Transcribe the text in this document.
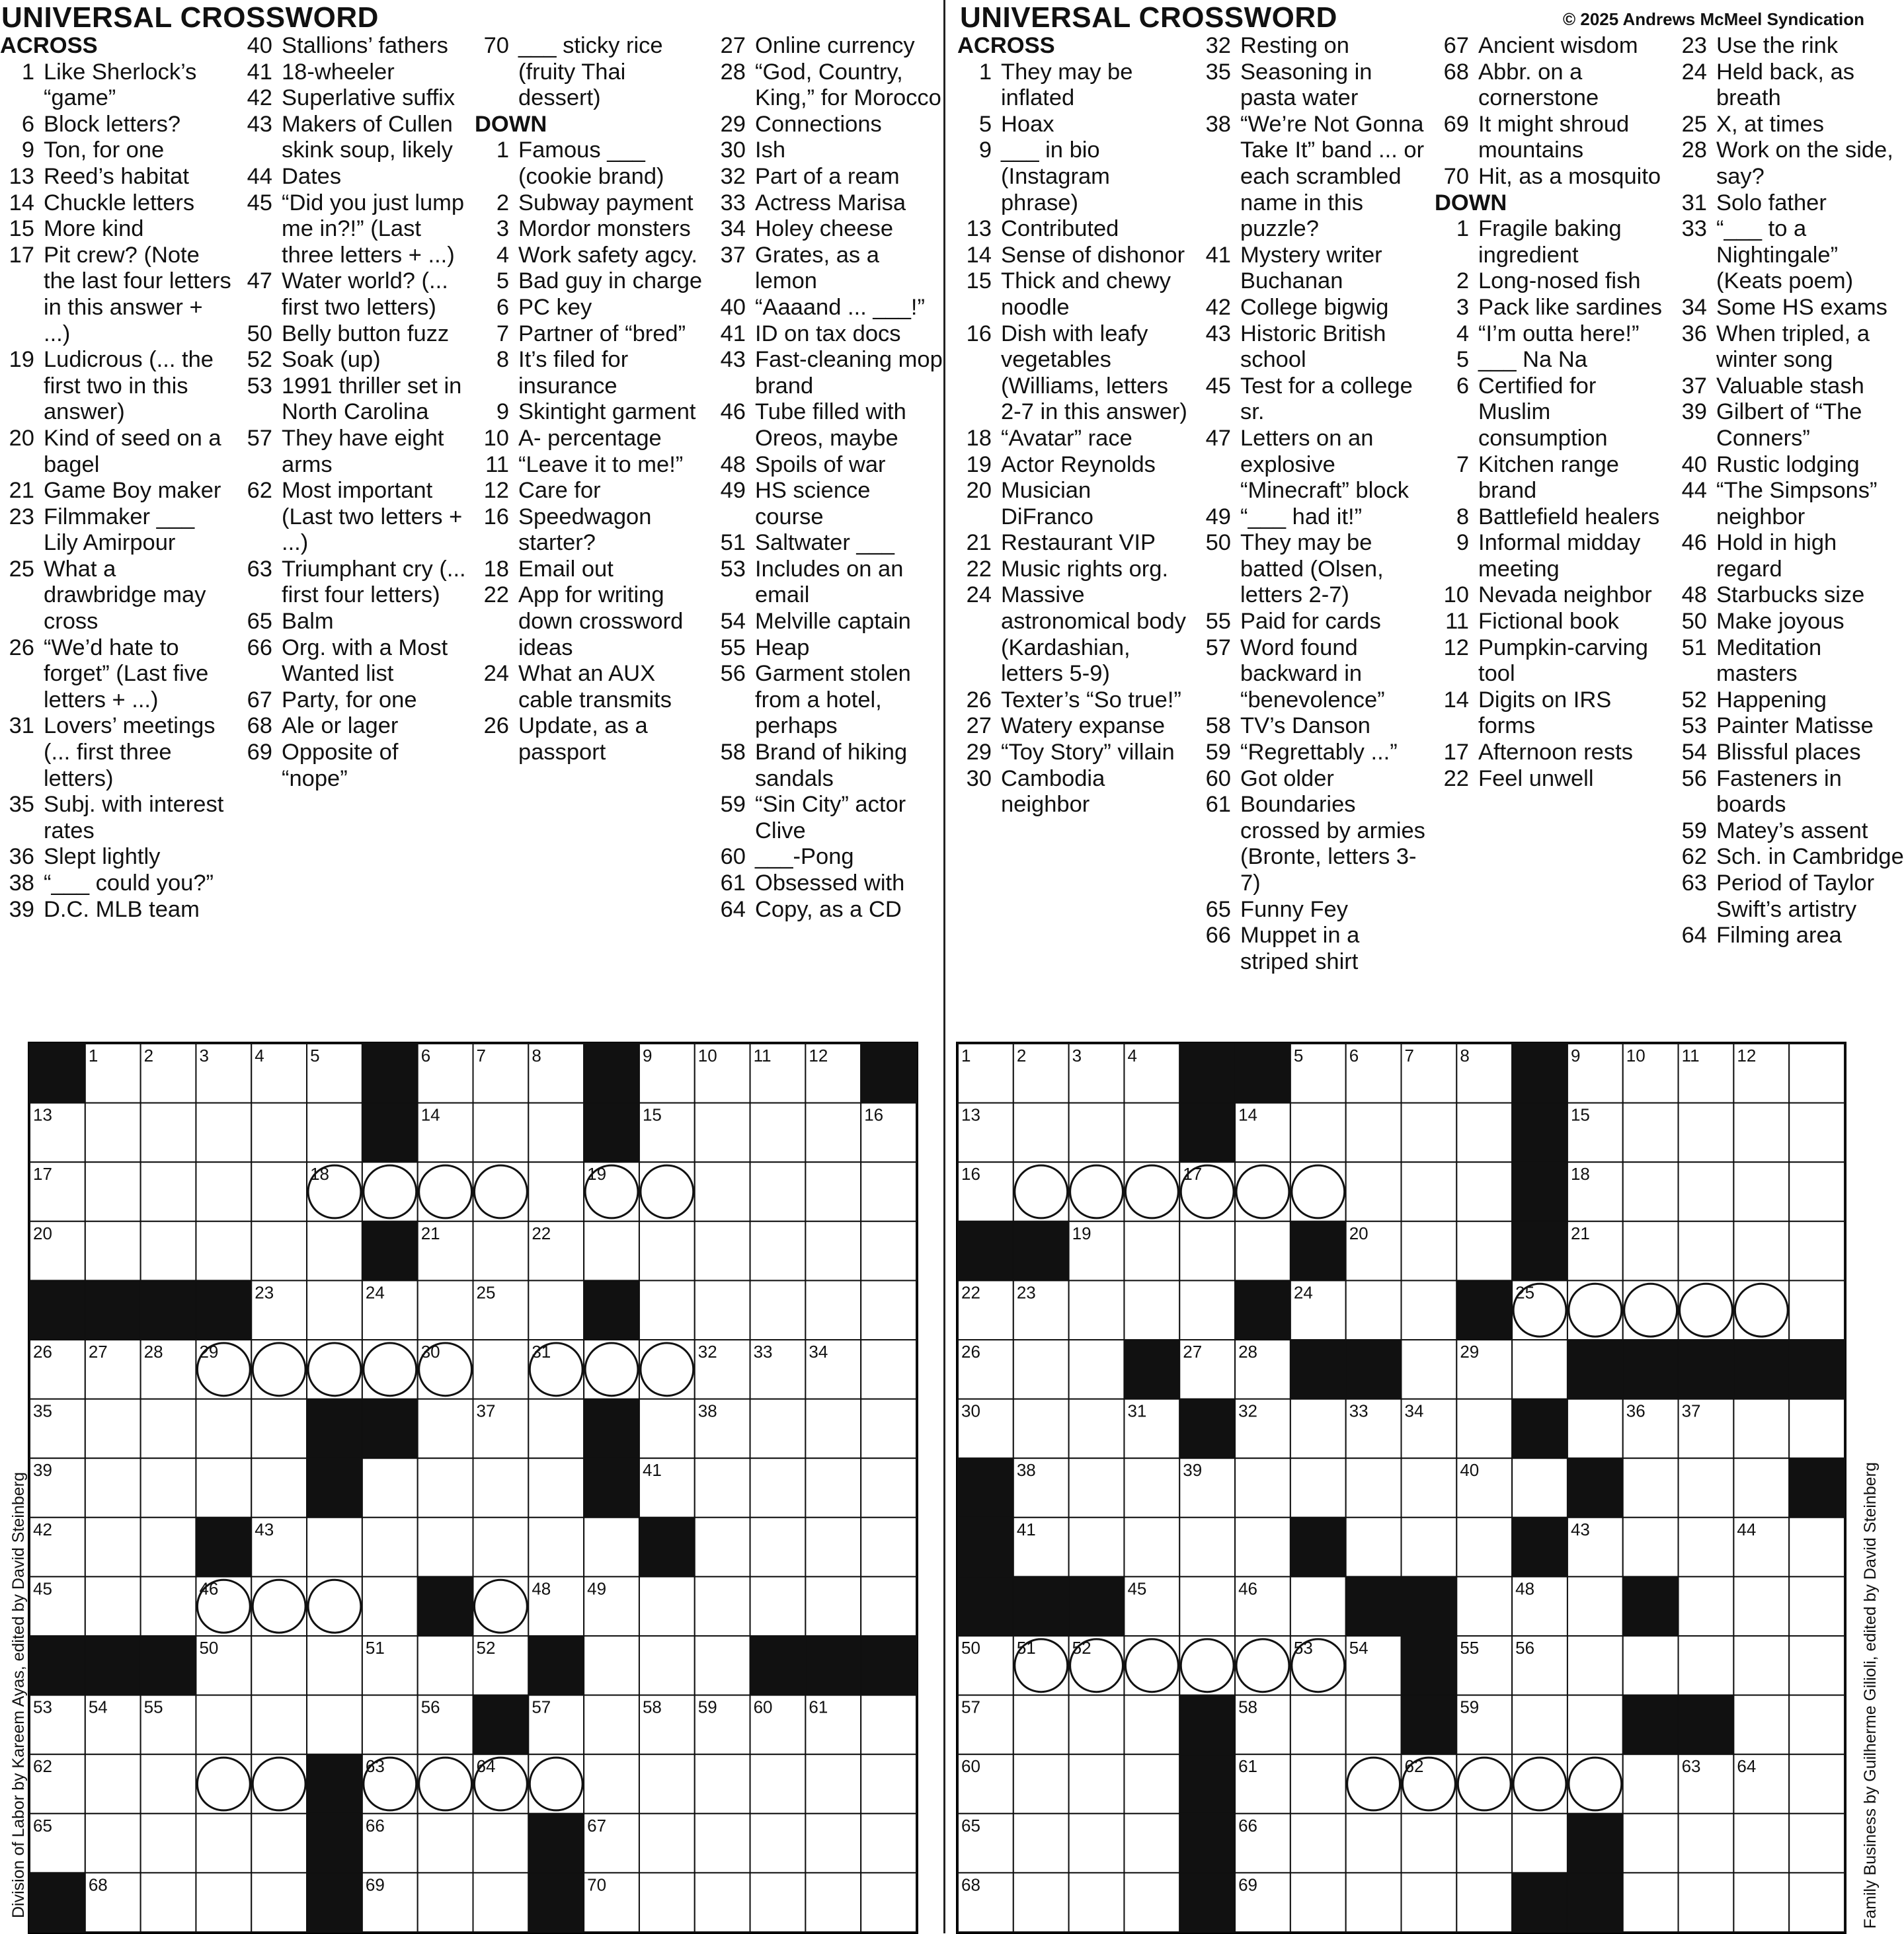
UNIVERSAL CROSSWORD
ACROSS
1 Like Sherlock’s “game”
6 Block letters?
9 Ton, for one
13 Reed’s habitat
14 Chuckle letters
15 More kind
17 Pit crew? (Note the last four letters in this answer + ...)
19 Ludicrous (... the first two in this answer)
20 Kind of seed on a bagel
21 Game Boy maker
23 Filmmaker ___ Lily Amirpour
25 What a drawbridge may cross
26 “We’d hate to forget” (Last five letters + ...)
31 Lovers’ meetings (... first three letters)
35 Subj. with interest rates
36 Slept lightly
38 “___ could you?”
39 D.C. MLB team
40 Stallions’ fathers
41 18-wheeler
42 Superlative suffix
43 Makers of Cullen skink soup, likely
44 Dates
45 “Did you just lump me in?!” (Last three letters + ...)
47 Water world? (... first two letters)
50 Belly button fuzz
52 Soak (up)
53 1991 thriller set in North Carolina
57 They have eight arms
62 Most important (Last two letters + ...)
63 Triumphant cry (... first four letters)
65 Balm
66 Org. with a Most Wanted list
67 Party, for one
68 Ale or lager
69 Opposite of “nope”
70 ___ sticky rice (fruity Thai dessert)
DOWN
1 Famous ___ (cookie brand)
2 Subway payment
3 Mordor monsters
4 Work safety agcy.
5 Bad guy in charge
6 PC key
7 Partner of “bred”
8 It’s filed for insurance
9 Skintight garment
10 A- percentage
11 “Leave it to me!”
12 Care for
16 Speedwagon starter?
18 Email out
22 App for writing down crossword ideas
24 What an AUX cable transmits
26 Update, as a passport
27 Online currency
28 “God, Country, King,” for Morocco
29 Connections
30 Ish
32 Part of a ream
33 Actress Marisa
34 Holey cheese
37 Grates, as a lemon
40 “Aaaand ... ___!”
41 ID on tax docs
43 Fast-cleaning mop brand
46 Tube filled with Oreos, maybe
48 Spoils of war
49 HS science course
51 Saltwater ___
53 Includes on an email
54 Melville captain
55 Heap
56 Garment stolen from a hotel, perhaps
58 Brand of hiking sandals
59 “Sin City” actor Clive
60 ___-Pong
61 Obsessed with
64 Copy, as a CD
1	2	3	4	5	6	7	8	9	10 11 12
13	14	15	16
17	18	19
20	21	22
23	24	25
26 27 28 29	30	31	32 33 34
35	37	38
39	41
42	43
45	46	48 49
50	51	52
53 54 55	56	57	58 59 60 61
62	63	64
65	66	67
68	69	70
Division of Labor by Kareem Ayas, edited by David Steinberg
UNIVERSAL CROSSWORD	© 2025 Andrews McMeel Syndication
ACROSS
1 They may be inflated
5 Hoax
9 ___ in bio (Instagram phrase)
13 Contributed
14 Sense of dishonor
15 Thick and chewy noodle
16 Dish with leafy vegetables (Williams, letters 2-7 in this answer)
18 “Avatar” race
19 Actor Reynolds
20 Musician DiFranco
21 Restaurant VIP
22 Music rights org.
24 Massive astronomical body (Kardashian, letters 5-9)
26 Texter’s “So true!”
27 Watery expanse
29 “Toy Story” villain
30 Cambodia neighbor
32 Resting on
35 Seasoning in pasta water
38 “We’re Not Gonna Take It” band ... or each scrambled name in this puzzle?
41 Mystery writer Buchanan
42 College bigwig
43 Historic British school
45 Test for a college sr.
47 Letters on an explosive “Minecraft” block
49 “___ had it!”
50 They may be batted (Olsen, letters 2-7)
55 Paid for cards
57 Word found backward in “benevolence”
58 TV’s Danson
59 “Regrettably ...”
60 Got older
61 Boundaries crossed by armies (Bronte, letters 3-7)
65 Funny Fey
66 Muppet in a striped shirt
67 Ancient wisdom
68 Abbr. on a cornerstone
69 It might shroud mountains
70 Hit, as a mosquito
DOWN
1 Fragile baking ingredient
2 Long-nosed fish
3 Pack like sardines
4 “I’m outta here!”
5 ___ Na Na
6 Certified for Muslim consumption
7 Kitchen range brand
8 Battlefield healers
9 Informal midday meeting
10 Nevada neighbor
11 Fictional book
12 Pumpkin-carving tool
14 Digits on IRS forms
17 Afternoon rests
22 Feel unwell
23 Use the rink
24 Held back, as breath
25 X, at times
28 Work on the side, say?
31 Solo father
33 “___ to a Nightingale” (Keats poem)
34 Some HS exams
36 When tripled, a winter song
37 Valuable stash
39 Gilbert of “The Conners”
40 Rustic lodging
44 “The Simpsons” neighbor
46 Hold in high regard
48 Starbucks size
50 Make joyous
51 Meditation masters
52 Happening
53 Painter Matisse
54 Blissful places
56 Fasteners in boards
59 Matey’s assent
62 Sch. in Cambridge
63 Period of Taylor Swift’s artistry
64 Filming area
1	2	3	4	5	6	7	8	9	10 11 12
13	14	15
16	17	18
19	20	21
22 23	24	25
26	27 28	29
30	31	32	33 34	36 37
38	39	40
41	43	44
45	46	48
50 51 52	53 54	55 56
57	58	59
60	61	62	63 64
65	66
68	69	Family Business by Guilherme Gilioli, edited by David Steinberg
